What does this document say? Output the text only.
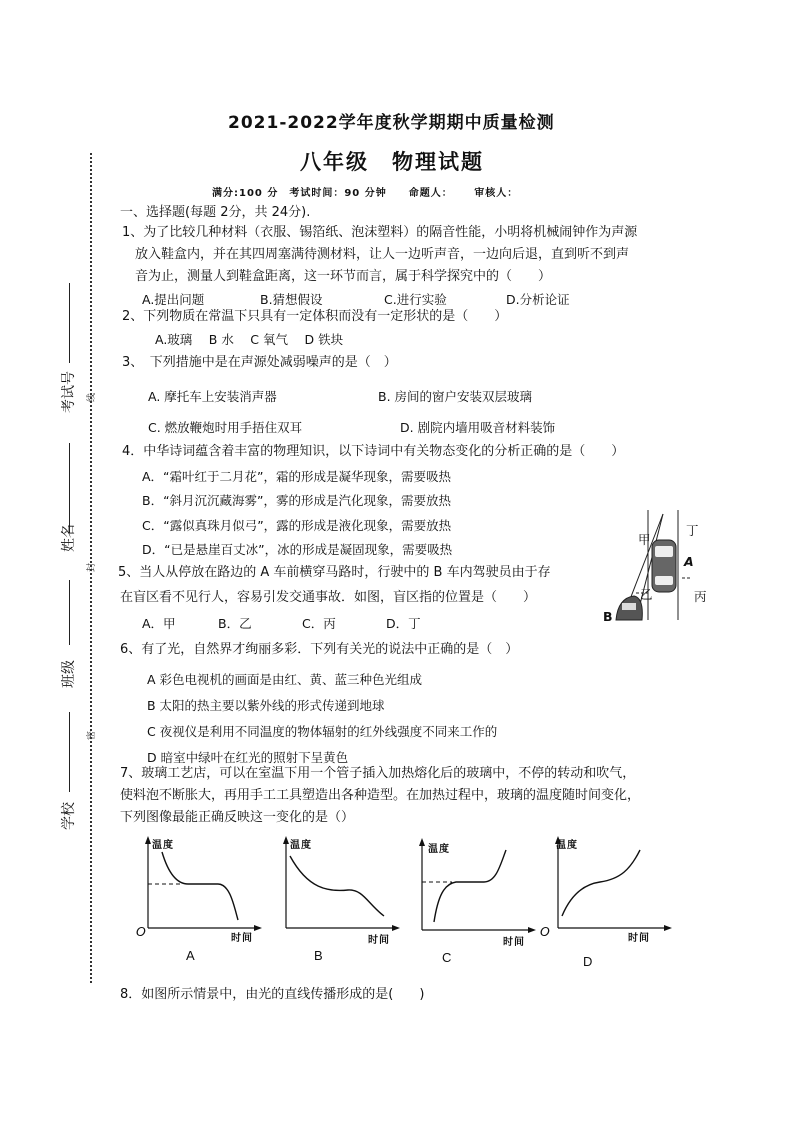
2021-2022学年度秋学期期中质量检测
八年级　物理试题
满分:100 分　考试时间：90 分钟　　命题人：　　 审核人：
考试号
姓名
班级
学校
线
封
密
一、选择题(每题 2分，共 24分).
1、为了比较几种材料（衣服、锡箔纸、泡沫塑料）的隔音性能，小明将机械闹钟作为声源
放入鞋盒内，并在其四周塞满待测材料，让人一边听声音，一边向后退，直到听不到声
音为止，测量人到鞋盒距离，这一环节而言，属于科学探究中的（　　）
A.提出问题	B.猜想假设	C.进行实验	D.分析论证
2、下列物质在常温下只具有一定体积而没有一定形状的是（　　）
A.玻璃　 B 水　 C 氧气　 D 铁块
3、　下列措施中是在声源处减弱噪声的是（　）
A. 摩托车上安装消声器	B. 房间的窗户安装双层玻璃
C. 燃放鞭炮时用手捂住双耳	D. 剧院内墙用吸音材料装饰
4．中华诗词蕴含着丰富的物理知识，以下诗词中有关物态变化的分析正确的是（　　）
A．“霜叶红于二月花”，霜的形成是凝华现象，需要吸热
B．“斜月沉沉藏海雾”，雾的形成是汽化现象，需要放热
C．“露似真珠月似弓”，露的形成是液化现象，需要放热
D．“已是悬崖百丈冰”，冰的形成是凝固现象，需要吸热
5、当人从停放在路边的 A 车前横穿马路时，行驶中的 B 车内驾驶员由于存
在盲区看不见行人，容易引发交通事故．如图，盲区指的位置是（　　）
A．甲	B．乙	C．丙	D．丁
甲
丁
A
乙	丙
B
6、有了光，自然界才绚丽多彩．下列有关光的说法中正确的是（　）
A 彩色电视机的画面是由红、黄、蓝三种色光组成
B 太阳的热主要以紫外线的形式传递到地球
C 夜视仪是利用不同温度的物体辐射的红外线强度不同来工作的
D 暗室中绿叶在红光的照射下呈黄色
7、玻璃工艺店，可以在室温下用一个管子插入加热熔化后的玻璃中，不停的转动和吹气，
使料泡不断胀大，再用手工工具塑造出各种造型。在加热过程中，玻璃的温度随时间变化，
下列图像最能正确反映这一变化的是（）
温度
时间
O
温度
时间
温度
时间
温度
时间
O
A	B	C	D
8．如图所示情景中，由光的直线传播形成的是(　　)
